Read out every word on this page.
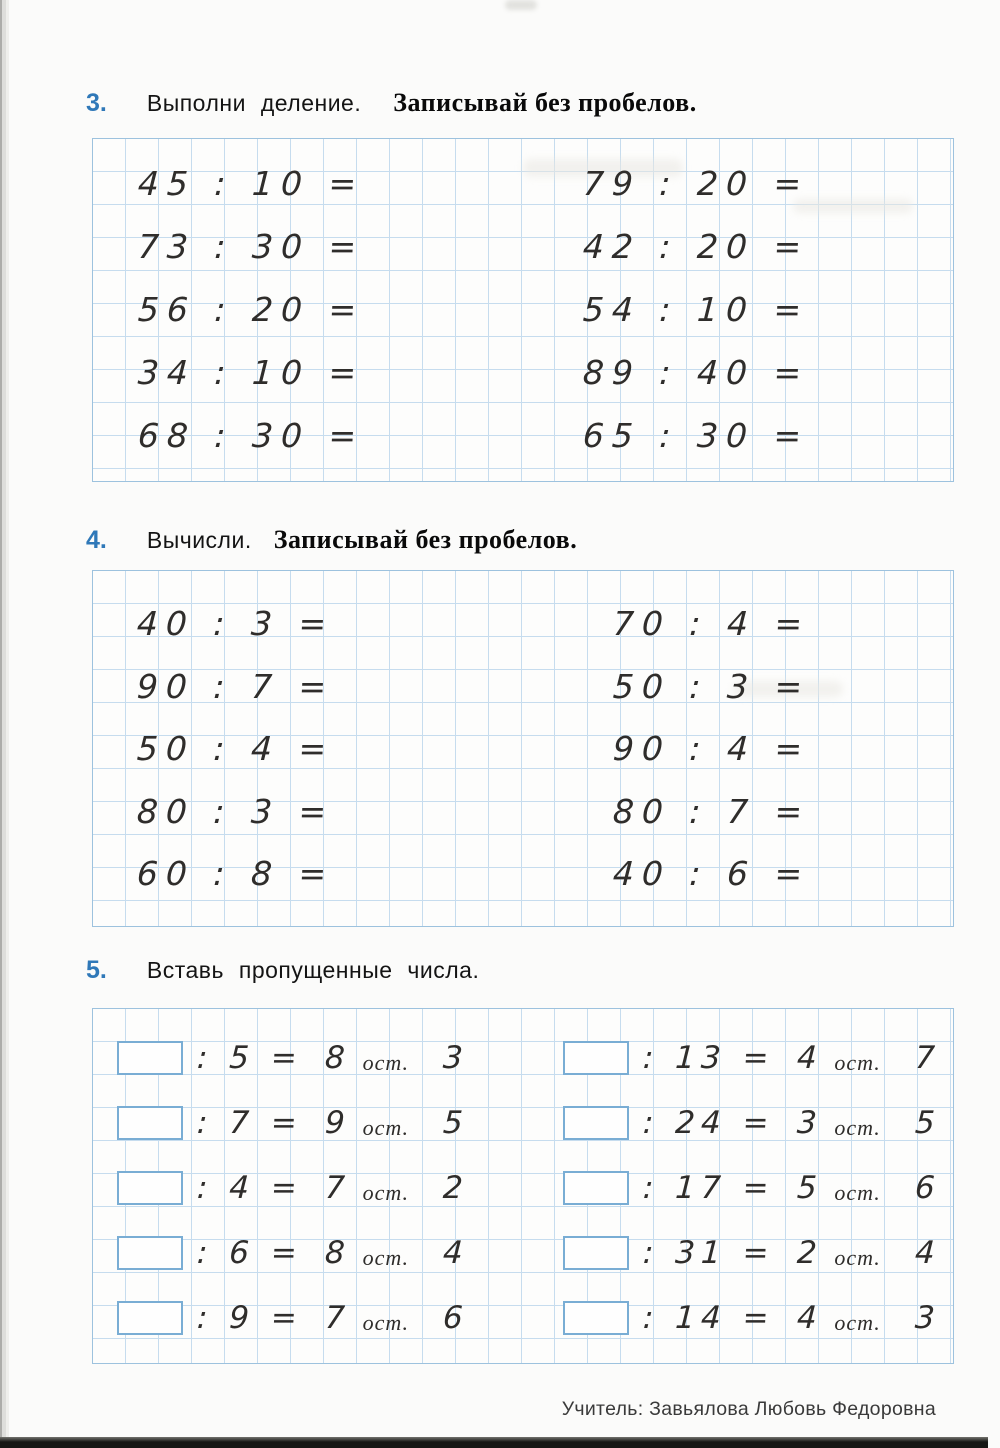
3. Выполни деление. Записывай без пробелов.
45 : 10 =
73 : 30 =
56 : 20 =
34 : 10 =
68 : 30 =
79 : 20 =
42 : 20 =
54 : 10 =
89 : 40 =
65 : 30 =
4. Вычисли. Записывай без пробелов.
40 : 3 =
90 : 7 =
50 : 4 =
80 : 3 =
60 : 8 =
70 : 4 =
50 : 3 =
90 : 4 =
80 : 7 =
40 : 6 =
5. Вставь пропущенные числа.
: 5 = 8 ост. 3
: 7 = 9 ост. 5
: 4 = 7 ост. 2
: 6 = 8 ост. 4
: 9 = 7 ост. 6
: 13 = 4 ост. 7
: 24 = 3 ост. 5
: 17 = 5 ост. 6
: 31 = 2 ост. 4
: 14 = 4 ост. 3
Учитель: Завьялова Любовь Федоровна
